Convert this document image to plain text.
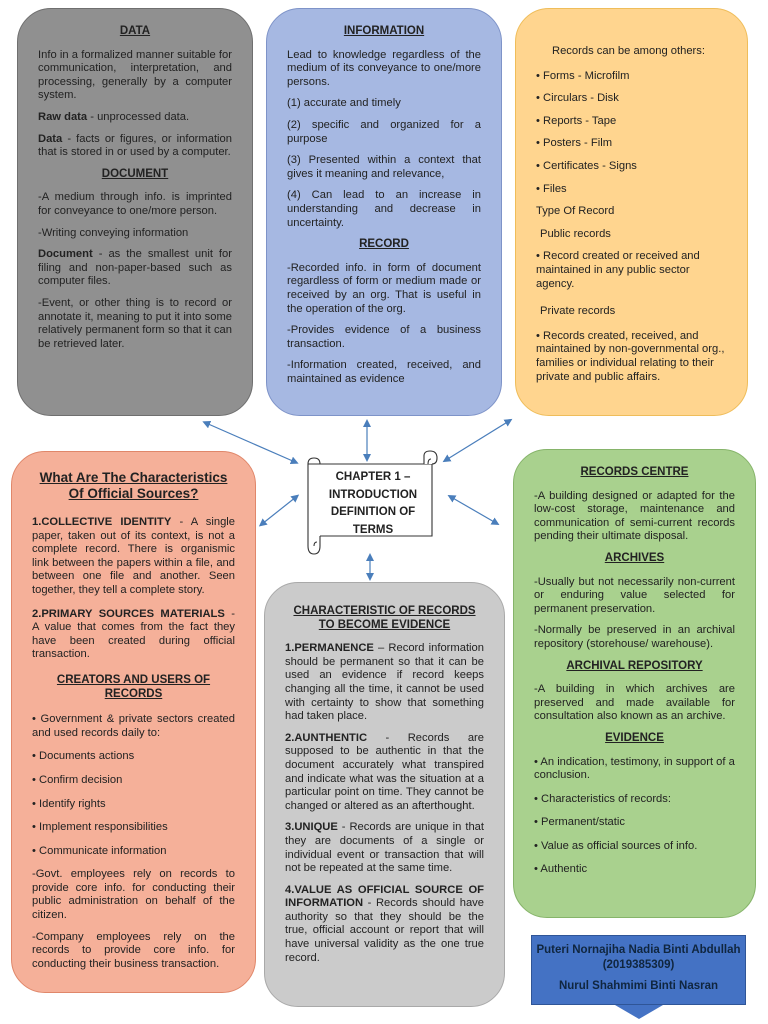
DATA

Info in a formalized manner suitable for communication, interpretation, and processing, generally by a computer system.

Raw data - unprocessed data.

Data - facts or figures, or information that is stored in or used by a computer.

DOCUMENT

-A medium through info. is imprinted for conveyance to one/more person.

-Writing conveying information

Document - as the smallest unit for filing and non-paper-based such as computer files.

-Event, or other thing is to record or annotate it, meaning to put it into some relatively permanent form so that it can be retrieved later.

INFORMATION

Lead to knowledge regardless of the medium of its conveyance to one/more persons.

(1) accurate and timely

(2) specific and organized for a purpose

(3) Presented within a context that gives it meaning and relevance,

(4) Can lead to an increase in understanding and decrease in uncertainty.

RECORD

-Recorded info. in form of document regardless of form or medium made or received by an org. That is useful in the operation of the org.

-Provides evidence of a business transaction.

-Information created, received, and maintained as evidence

Records can be among others:

• Forms - Microfilm

• Circulars - Disk

• Reports - Tape

• Posters - Film

• Certificates - Signs

• Files

Type Of Record

Public records

• Record created or received and maintained in any public sector agency.

Private records

• Records created, received, and maintained by non-governmental org., families or individual relating to their private and public affairs.

What Are The Characteristics Of Official Sources?

1.COLLECTIVE IDENTITY - A single paper, taken out of its context, is not a complete record. There is organismic link between the papers within a file, and between one file and another. Seen together, they tell a complete story.

2.PRIMARY SOURCES MATERIALS - A value that comes from the fact they have been created during official transaction.

CREATORS AND USERS OF RECORDS

• Government & private sectors created and used records daily to:

• Documents actions

• Confirm decision

• Identify rights

• Implement responsibilities

• Communicate information

-Govt. employees rely on records to provide core info. for conducting their public administration on behalf of the citizen.

-Company employees rely on the records to provide core info. for conducting their business transaction.

CHARACTERISTIC OF RECORDS TO BECOME EVIDENCE

1.PERMANENCE – Record information should be permanent so that it can be used an evidence if record keeps changing all the time, it cannot be used with certainty to show that something had taken place.

2.AUNTHENTIC - Records are supposed to be authentic in that the document accurately what transpired and indicate what was the situation at a particular point on time. They cannot be changed or altered as an afterthought.

3.UNIQUE - Records are unique in that they are documents of a single or individual event or transaction that will not be repeated at the same time.

4.VALUE AS OFFICIAL SOURCE OF INFORMATION - Records should have authority so that they should be the true, official account or report that will have universal validity as the one true record.

RECORDS CENTRE

-A building designed or adapted for the low-cost storage, maintenance and communication of semi-current records pending their ultimate disposal.

ARCHIVES

-Usually but not necessarily non-current or enduring value selected for permanent preservation.

-Normally be preserved in an archival repository (storehouse/ warehouse).

ARCHIVAL REPOSITORY

-A building in which archives are preserved and made available for consultation also known as an archive.

EVIDENCE

• An indication, testimony, in support of a conclusion.

• Characteristics of records:

• Permanent/static

• Value as official sources of info.

• Authentic

CHAPTER 1 –
INTRODUCTION
DEFINITION OF
TERMS
Puteri Nornajiha Nadia Binti Abdullah (2019385309)
Nurul Shahmimi Binti Nasran
